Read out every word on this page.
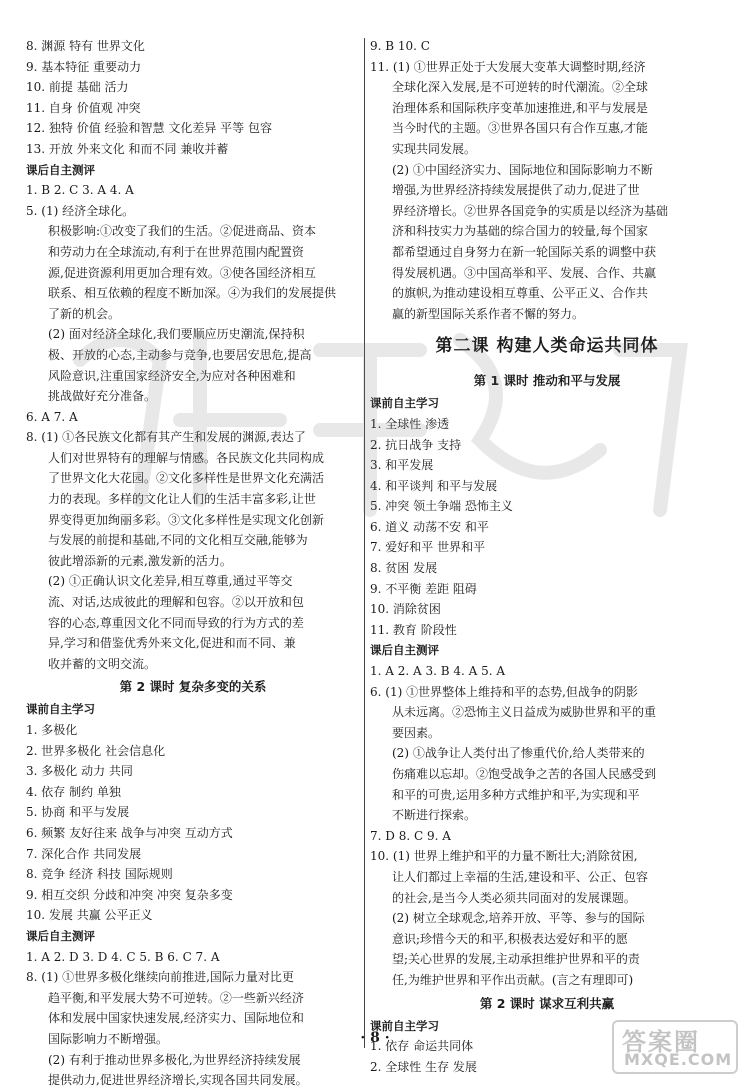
8. 渊源 特有 世界文化
9. 基本特征 重要动力
10. 前提 基础 活力
11. 自身 价值观 冲突
12. 独特 价值 经验和智慧 文化差异 平等 包容
13. 开放 外来文化 和而不同 兼收并蓄
课后自主测评
1. B 2. C 3. A 4. A
5. (1) 经济全球化。
积极影响:①改变了我们的生活。②促进商品、资本
和劳动力在全球流动,有利于在世界范围内配置资
源,促进资源利用更加合理有效。③使各国经济相互
联系、相互依赖的程度不断加深。④为我们的发展提供
了新的机会。
(2) 面对经济全球化,我们要顺应历史潮流,保持积
极、开放的心态,主动参与竞争,也要居安思危,提高
风险意识,注重国家经济安全,为应对各种困难和
挑战做好充分准备。
6. A 7. A
8. (1) ①各民族文化都有其产生和发展的渊源,表达了
人们对世界特有的理解与情感。各民族文化共同构成
了世界文化大花园。②文化多样性是世界文化充满活
力的表现。多样的文化让人们的生活丰富多彩,让世
界变得更加绚丽多彩。③文化多样性是实现文化创新
与发展的前提和基础,不同的文化相互交融,能够为
彼此增添新的元素,激发新的活力。
(2) ①正确认识文化差异,相互尊重,通过平等交
流、对话,达成彼此的理解和包容。②以开放和包
容的心态,尊重因文化不同而导致的行为方式的差
异,学习和借鉴优秀外来文化,促进和而不同、兼
收并蓄的文明交流。
第 2 课时 复杂多变的关系
课前自主学习
1. 多极化
2. 世界多极化 社会信息化
3. 多极化 动力 共同
4. 依存 制约 单独
5. 协商 和平与发展
6. 频繁 友好往来 战争与冲突 互动方式
7. 深化合作 共同发展
8. 竞争 经济 科技 国际规则
9. 相互交织 分歧和冲突 冲突 复杂多变
10. 发展 共赢 公平正义
课后自主测评
1. A 2. D 3. D 4. C 5. B 6. C 7. A
8. (1) ①世界多极化继续向前推进,国际力量对比更
趋平衡,和平发展大势不可逆转。②一些新兴经济
体和发展中国家快速发展,经济实力、国际地位和
国际影响力不断增强。
(2) 有利于推动世界多极化,为世界经济持续发展
提供动力,促进世界经济增长,实现各国共同发展。
9. B 10. C
11. (1) ①世界正处于大发展大变革大调整时期,经济
全球化深入发展,是不可逆转的时代潮流。②全球
治理体系和国际秩序变革加速推进,和平与发展是
当今时代的主题。③世界各国只有合作互惠,才能
实现共同发展。
(2) ①中国经济实力、国际地位和国际影响力不断
增强,为世界经济持续发展提供了动力,促进了世
界经济增长。②世界各国竞争的实质是以经济为基础
济和科技实力为基础的综合国力的较量,每个国家
都希望通过自身努力在新一轮国际关系的调整中获
得发展机遇。③中国高举和平、发展、合作、共赢
的旗帜,为推动建设相互尊重、公平正义、合作共
赢的新型国际关系作者不懈的努力。
第二课 构建人类命运共同体
第 1 课时 推动和平与发展
课前自主学习
1. 全球性 渗透
2. 抗日战争 支持
3. 和平发展
4. 和平谈判 和平与发展
5. 冲突 领土争端 恐怖主义
6. 道义 动荡不安 和平
7. 爱好和平 世界和平
8. 贫困 发展
9. 不平衡 差距 阻碍
10. 消除贫困
11. 教育 阶段性
课后自主测评
1. A 2. A 3. B 4. A 5. A
6. (1) ①世界整体上维持和平的态势,但战争的阴影
从未远离。②恐怖主义日益成为威胁世界和平的重
要因素。
(2) ①战争让人类付出了惨重代价,给人类带来的
伤痛难以忘却。②饱受战争之苦的各国人民感受到
和平的可贵,运用多种方式维护和平,为实现和平
不断进行探索。
7. D 8. C 9. A
10. (1) 世界上维护和平的力量不断壮大;消除贫困,
让人们都过上幸福的生活,建设和平、公正、包容
的社会,是当今人类必须共同面对的发展课题。
(2) 树立全球观念,培养开放、平等、参与的国际
意识;珍惜今天的和平,积极表达爱好和平的愿
望;关心世界的发展,主动承担维护世界和平的责
任,为维护世界和平作出贡献。(言之有理即可)
第 2 课时 谋求互利共赢
课前自主学习
1. 依存 命运共同体
2. 全球性 生存 发展
· 8 ·	答案圈
MXQE.COM
